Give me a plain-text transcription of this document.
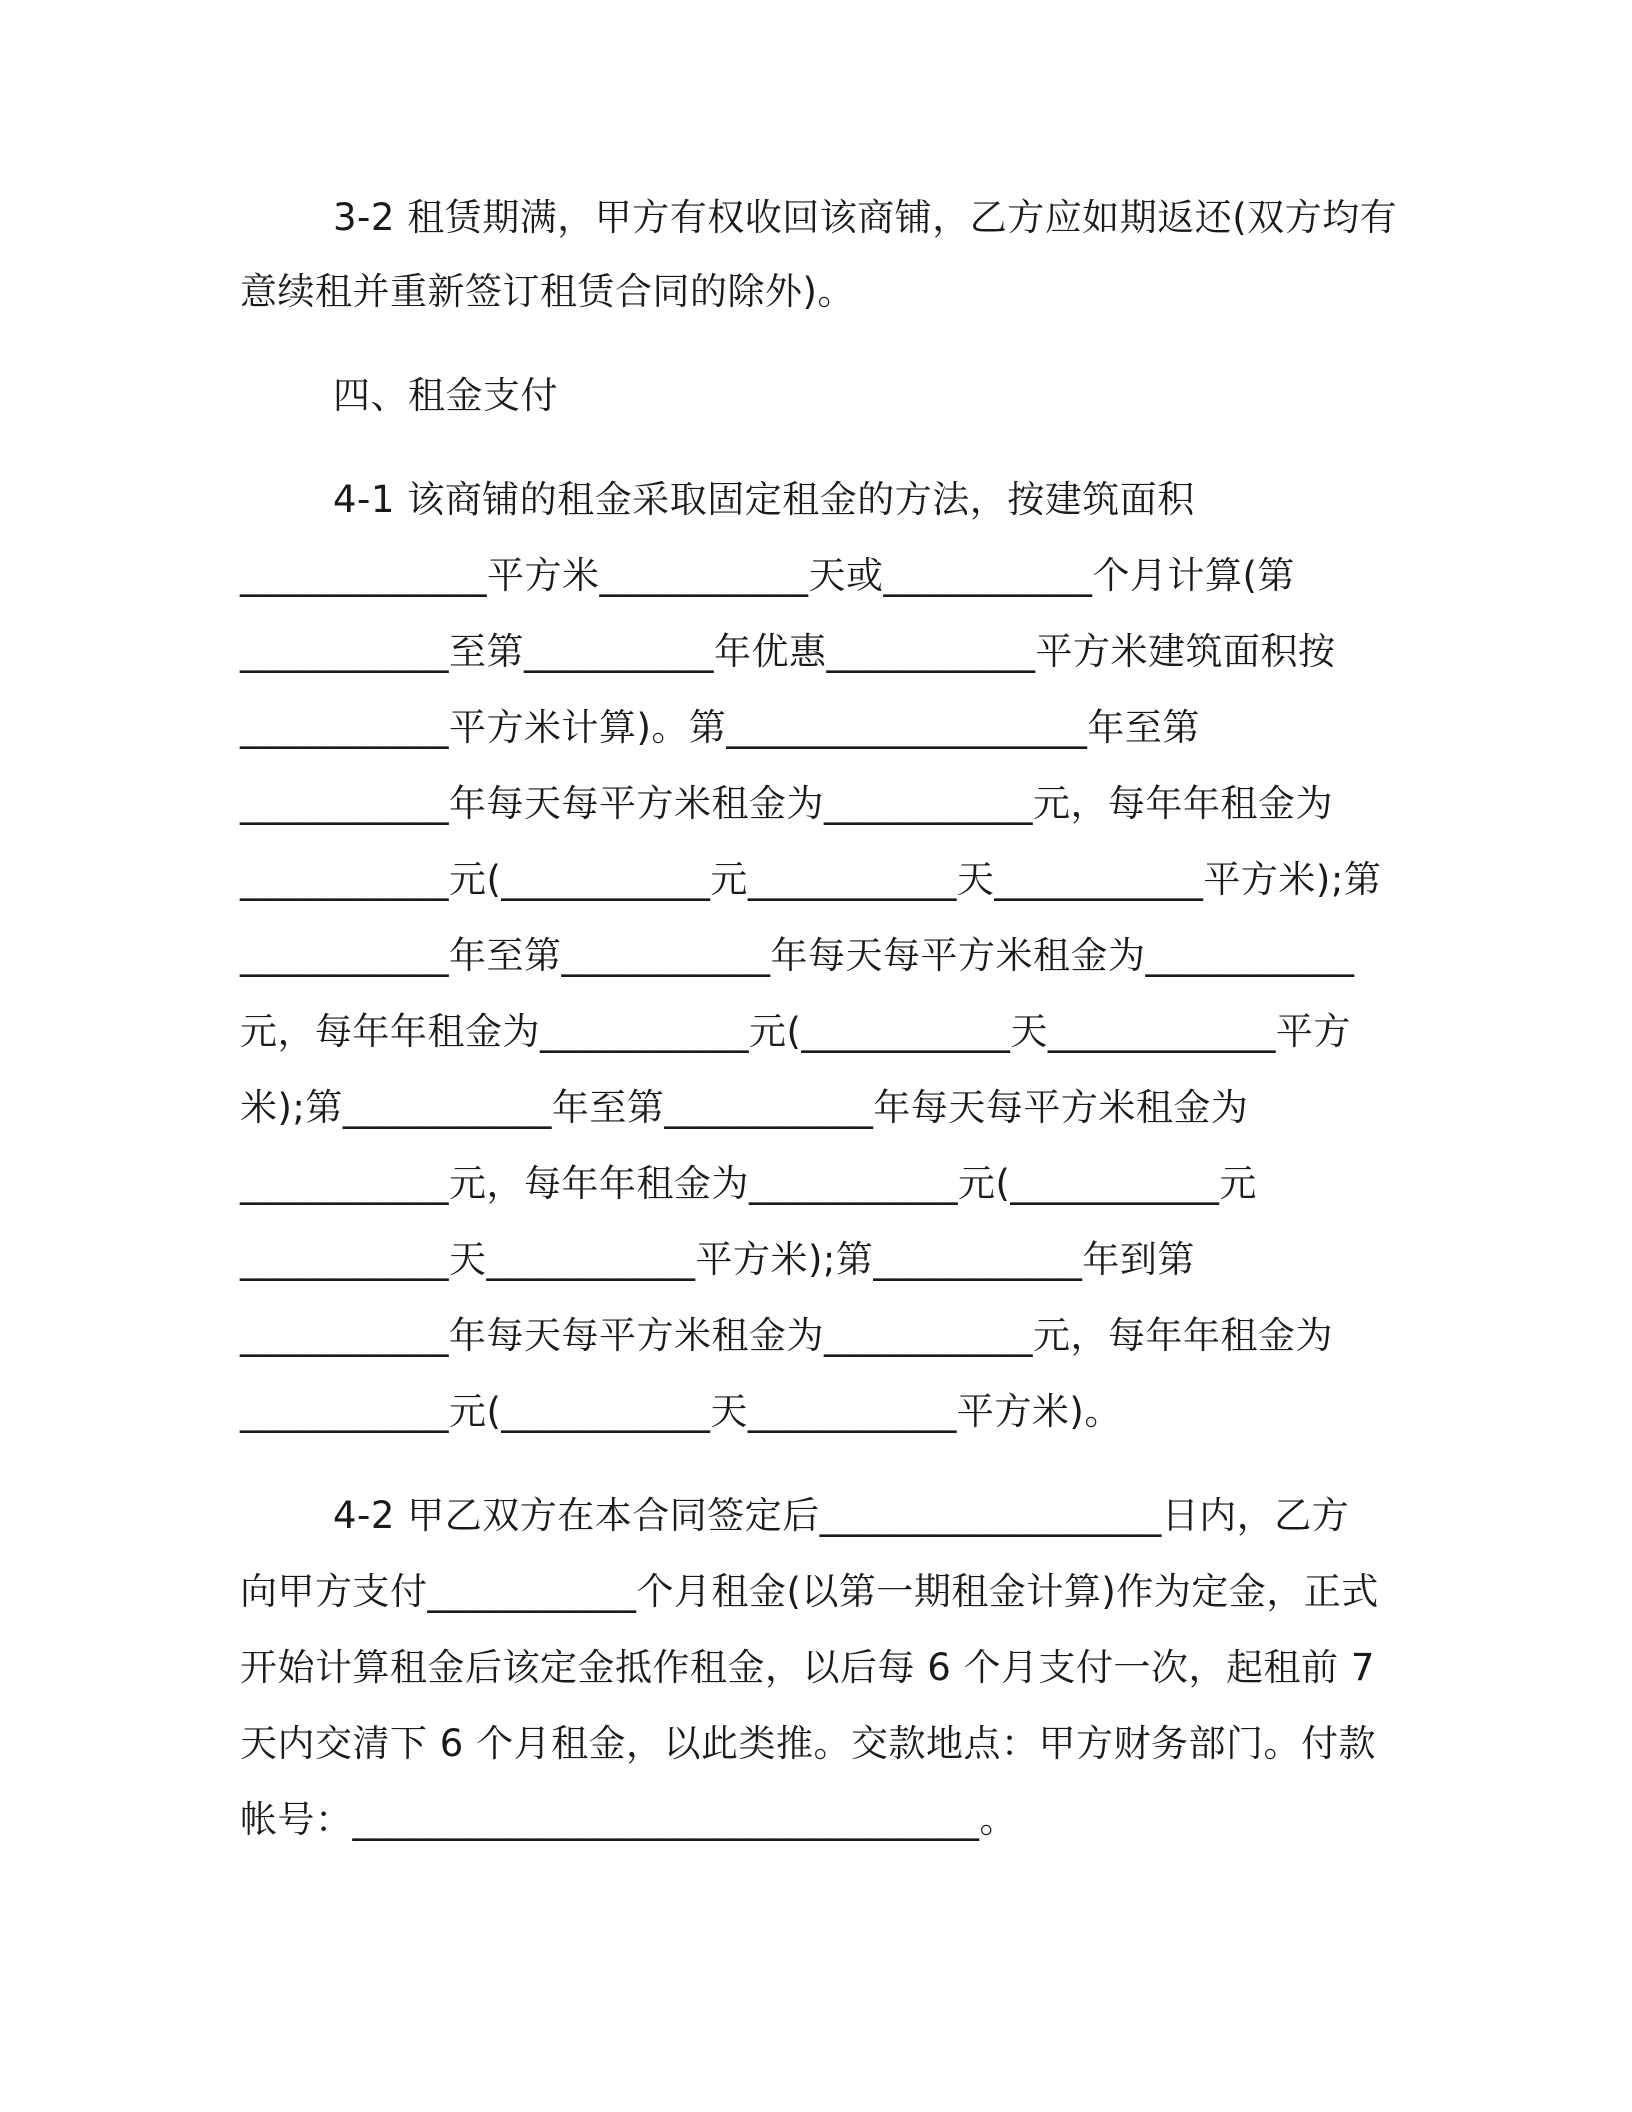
3-2 租赁期满，甲方有权收回该商铺，乙方应如期返还(双方均有
意续租并重新签订租赁合同的除外)。
四、租金支付
4-1 该商铺的租金采取固定租金的方法，按建筑面积
_____________平方米___________天或___________个月计算(第
___________至第__________年优惠___________平方米建筑面积按
___________平方米计算)。第___________________年至第
___________年每天每平方米租金为___________元，每年年租金为
___________元(___________元___________天___________平方米);第
___________年至第___________年每天每平方米租金为___________
元，每年年租金为___________元(___________天____________平方
米);第___________年至第___________年每天每平方米租金为
___________元，每年年租金为___________元(___________元
___________天___________平方米);第___________年到第
___________年每天每平方米租金为___________元，每年年租金为
___________元(___________天___________平方米)。
4-2 甲乙双方在本合同签定后__________________日内，乙方
向甲方支付___________个月租金(以第一期租金计算)作为定金，正式
开始计算租金后该定金抵作租金，以后每 6 个月支付一次，起租前 7
天内交清下 6 个月租金，以此类推。交款地点：甲方财务部门。付款
帐号：_________________________________。
